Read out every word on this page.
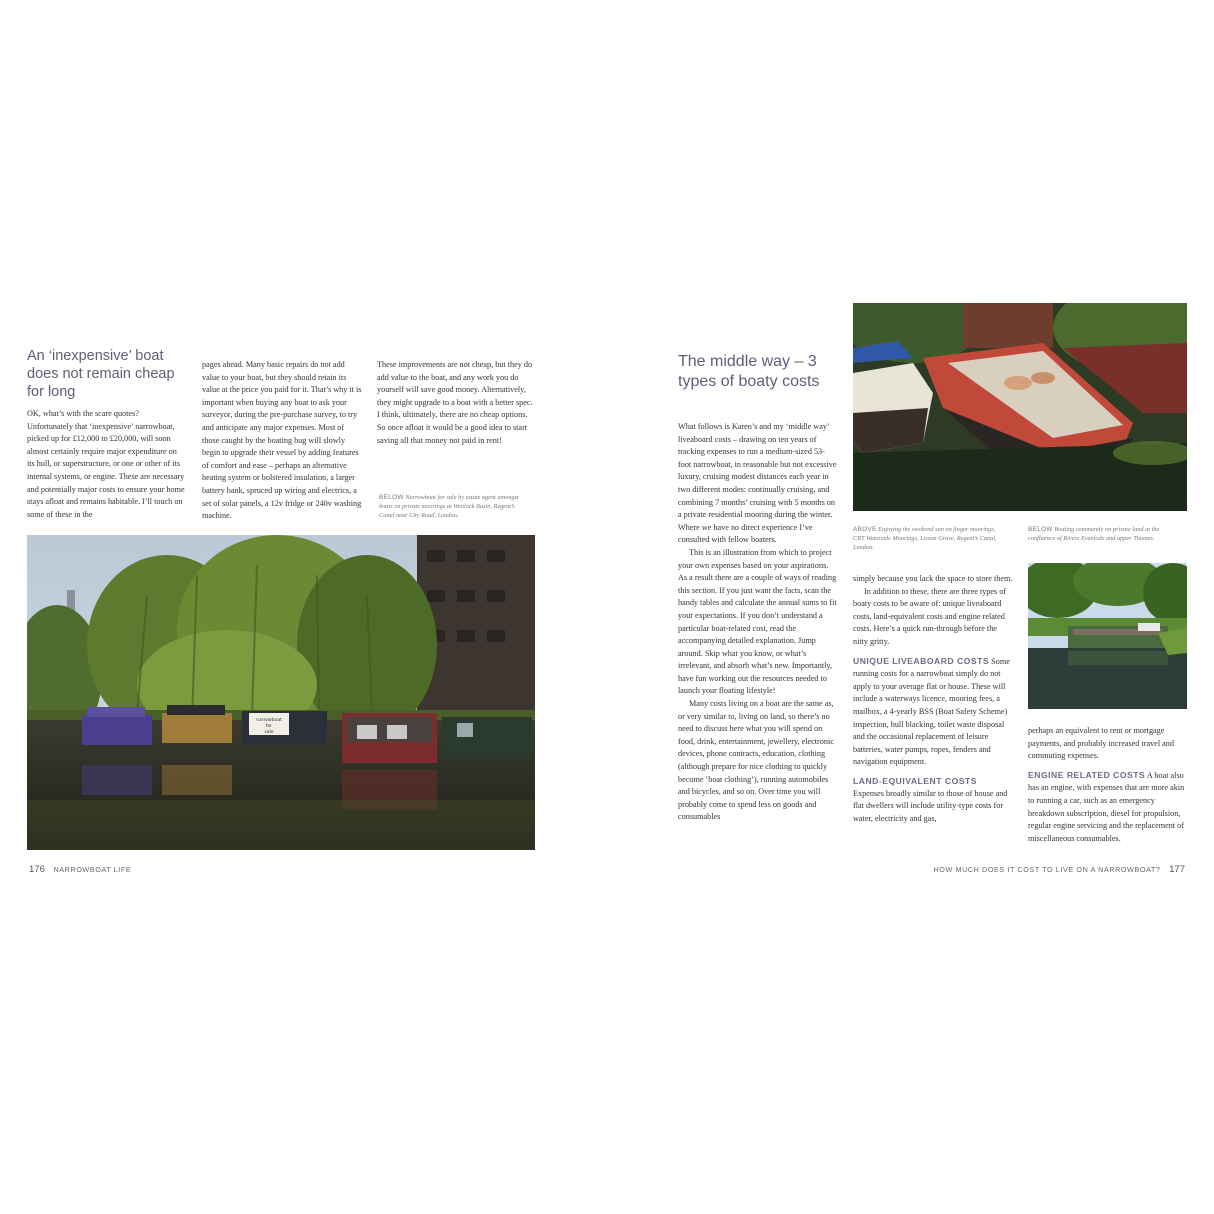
An ‘inexpensive’ boat does not remain cheap for long

OK, what’s with the scare quotes? Unfortunately that ‘inexpensive’ narrowboat, picked up for £12,000 to £20,000, will soon almost certainly require major expenditure on its hull, or superstructure, or one or other of its internal systems, or engine. These are necessary and potentially major costs to ensure your home stays afloat and remains habitable. I’ll touch on some of these in the

pages ahead. Many basic repairs do not add value to your boat, but they should retain its value at the price you paid for it. That’s why it is important when buying any boat to ask your surveyor, during the pre-purchase survey, to try and anticipate any major expenses. Most of those caught by the boating bug will slowly begin to upgrade their vessel by adding features of comfort and ease – perhaps an alternative heating system or bolstered insulation, a larger battery bank, spruced up wiring and electrics, a set of solar panels, a 12v fridge or 240v washing machine.

These improvements are not cheap, but they do add value to the boat, and any work you do yourself will save good money. Alternatively, they might upgrade to a boat with a better spec. I think, ultimately, there are no cheap options. So once afloat it would be a good idea to start saving all that money not paid in rent!

BELOW Narrowboat for sale by estate agent amongst boats on private moorings at Wenlock Basin, Regent’s Canal near City Road, London.
narrowboat
for
sale
176 NARROWBOAT LIFE
The middle way – 3 types of boaty costs

What follows is Karen’s and my ‘middle way’ liveaboard costs – drawing on ten years of tracking expenses to run a medium-sized 53-foot narrowboat, in reasonable but not excessive luxury, cruising modest distances each year in two different modes: continually cruising, and combining 7 months’ cruising with 5 months on a private residential mooring during the winter. Where we have no direct experience I’ve consulted with fellow boaters.

This is an illustration from which to project your own expenses based on your aspirations. As a result there are a couple of ways of reading this section. If you just want the facts, scan the handy tables and calculate the annual sums to fit your expectations. If you don’t understand a particular boat-related cost, read the accompanying detailed explanation. Jump around. Skip what you know, or what’s irrelevant, and absorb what’s new. Importantly, have fun working out the resources needed to launch your floating lifestyle!

Many costs living on a boat are the same as, or very similar to, living on land, so there’s no need to discuss here what you will spend on food, drink, entertainment, jewellery, electronic devices, phone contracts, education, clothing (although prepare for nice clothing to quickly become ‘boat clothing’), running automobiles and bicycles, and so on. Over time you will probably come to spend less on goods and consumables

ABOVE Enjoying the weekend sun on finger moorings, CRT Waterside Moorings, Lisson Grove, Regent’s Canal, London.
BELOW Boating community on private land at the confluence of Rivers Evenlode and upper Thames.

simply because you lack the space to store them.

In addition to these, there are three types of boaty costs to be aware of: unique liveaboard costs, land-equivalent costs and engine related costs. Here’s a quick run-through before the nitty gritty.

UNIQUE LIVEABOARD COSTS Some running costs for a narrowboat simply do not apply to your average flat or house. These will include a waterways licence, mooring fees, a mailbox, a 4-yearly BSS (Boat Safety Scheme) inspection, hull blacking, toilet waste disposal and the occasional replacement of leisure batteries, water pumps, ropes, fenders and navigation equipment.

LAND-EQUIVALENT COSTS
Expenses broadly similar to those of house and flat dwellers will include utility-type costs for water, electricity and gas,

perhaps an equivalent to rent or mortgage payments, and probably increased travel and commuting expenses.

ENGINE RELATED COSTS A boat also has an engine, with expenses that are more akin to running a car, such as an emergency breakdown subscription, diesel for propulsion, regular engine servicing and the replacement of miscellaneous consumables.

HOW MUCH DOES IT COST TO LIVE ON A NARROWBOAT? 177
